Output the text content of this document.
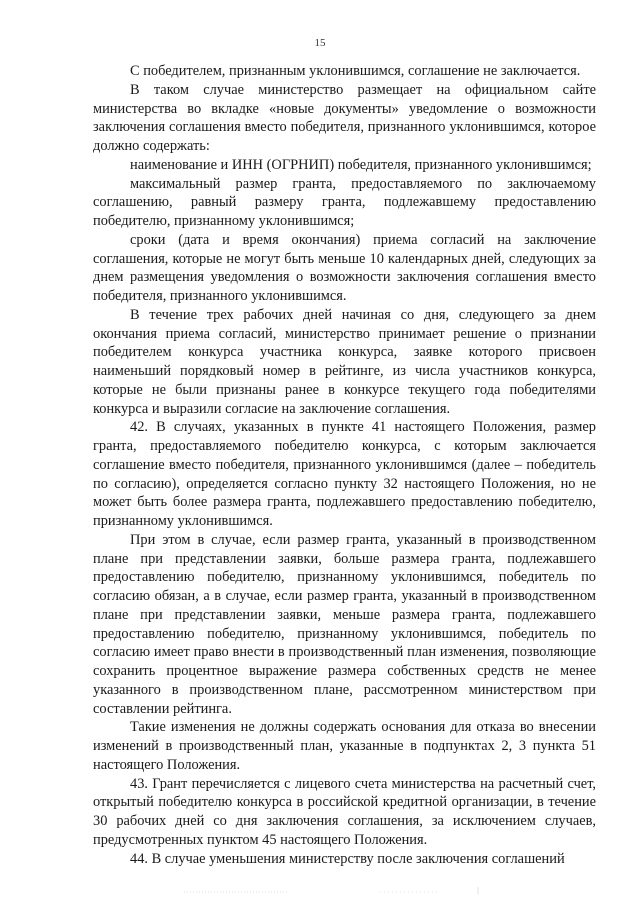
15

С победителем, признанным уклонившимся, соглашение не заключается.

В таком случае министерство размещает на официальном сайте министерства во вкладке «новые документы» уведомление о возможности заключения соглашения вместо победителя, признанного уклонившимся, которое должно содержать:

наименование и ИНН (ОГРНИП) победителя, признанного уклонившимся;

максимальный размер гранта, предоставляемого по заключаемому соглашению, равный размеру гранта, подлежавшему предоставлению победителю, признанному уклонившимся;

сроки (дата и время окончания) приема согласий на заключение соглашения, которые не могут быть меньше 10 календарных дней, следующих за днем размещения уведомления о возможности заключения соглашения вместо победителя, признанного уклонившимся.

В течение трех рабочих дней начиная со дня, следующего за днем окончания приема согласий, министерство принимает решение о признании победителем конкурса участника конкурса, заявке которого присвоен наименьший порядковый номер в рейтинге, из числа участников конкурса, которые не были признаны ранее в конкурсе текущего года победителями конкурса и выразили согласие на заключение соглашения.

42. В случаях, указанных в пункте 41 настоящего Положения, размер гранта, предоставляемого победителю конкурса, с которым заключается соглашение вместо победителя, признанного уклонившимся (далее – победитель по согласию), определяется согласно пункту 32 настоящего Положения, но не может быть более размера гранта, подлежавшего предоставлению победителю, признанному уклонившимся.

При этом в случае, если размер гранта, указанный в производственном плане при представлении заявки, больше размера гранта, подлежавшего предоставлению победителю, признанному уклонившимся, победитель по согласию обязан, а в случае, если размер гранта, указанный в производственном плане при представлении заявки, меньше размера гранта, подлежавшего предоставлению победителю, признанному уклонившимся, победитель по согласию имеет право внести в производственный план изменения, позволяющие сохранить процентное выражение размера собственных средств не менее указанного в производственном плане, рассмотренном министерством при составлении рейтинга.

Такие изменения не должны содержать основания для отказа во внесении изменений в производственный план, указанные в подпунктах 2, 3 пункта 51 настоящего Положения.

43. Грант перечисляется с лицевого счета министерства на расчетный счет, открытый победителю конкурса в российской кредитной организации, в течение 30 рабочих дней со дня заключения соглашения, за исключением случаев, предусмотренных пунктом 45 настоящего Положения.

44. В случае уменьшения министерству после заключения соглашений
